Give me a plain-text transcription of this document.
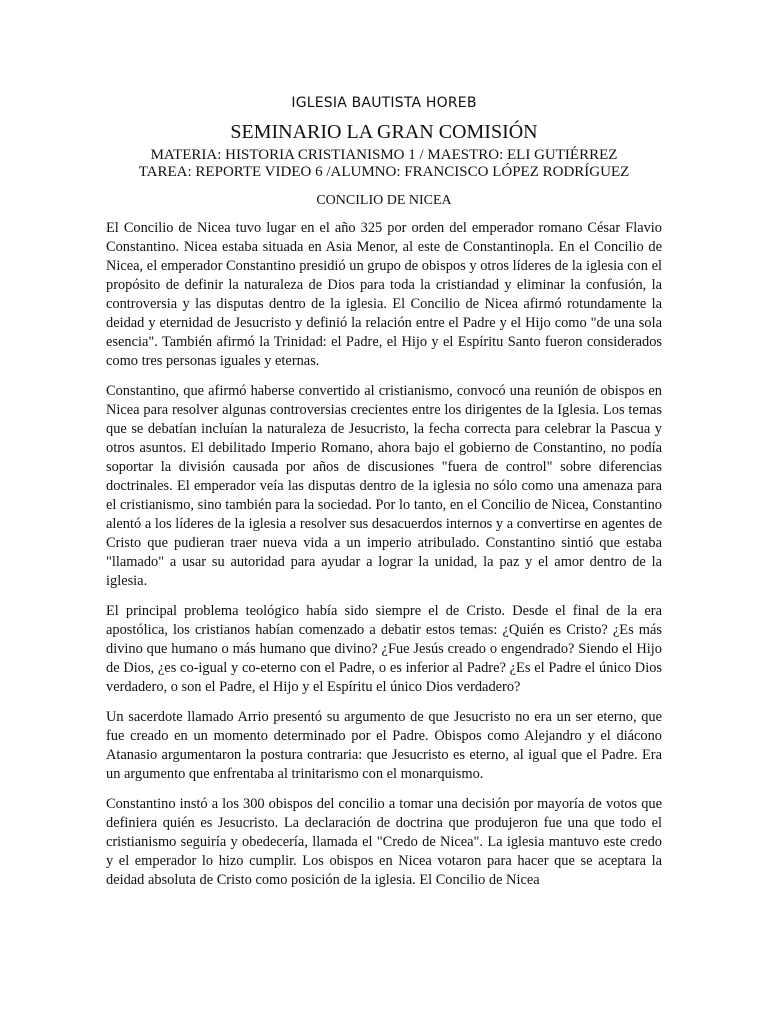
IGLESIA BAUTISTA HOREB
SEMINARIO LA GRAN COMISIÓN
MATERIA: HISTORIA CRISTIANISMO 1 / MAESTRO: ELI GUTIÉRREZ
TAREA: REPORTE VIDEO 6 /ALUMNO: FRANCISCO LÓPEZ RODRÍGUEZ
CONCILIO DE NICEA

El Concilio de Nicea tuvo lugar en el año 325 por orden del emperador romano César Flavio Constantino. Nicea estaba situada en Asia Menor, al este de Constantinopla. En el Concilio de Nicea, el emperador Constantino presidió un grupo de obispos y otros líderes de la iglesia con el propósito de definir la naturaleza de Dios para toda la cristiandad y eliminar la confusión, la controversia y las disputas dentro de la iglesia. El Concilio de Nicea afirmó rotundamente la deidad y eternidad de Jesucristo y definió la relación entre el Padre y el Hijo como "de una sola esencia". También afirmó la Trinidad: el Padre, el Hijo y el Espíritu Santo fueron considerados como tres personas iguales y eternas.

Constantino, que afirmó haberse convertido al cristianismo, convocó una reunión de obispos en Nicea para resolver algunas controversias crecientes entre los dirigentes de la Iglesia. Los temas que se debatían incluían la naturaleza de Jesucristo, la fecha correcta para celebrar la Pascua y otros asuntos. El debilitado Imperio Romano, ahora bajo el gobierno de Constantino, no podía soportar la división causada por años de discusiones "fuera de control" sobre diferencias doctrinales. El emperador veía las disputas dentro de la iglesia no sólo como una amenaza para el cristianismo, sino también para la sociedad. Por lo tanto, en el Concilio de Nicea, Constantino alentó a los líderes de la iglesia a resolver sus desacuerdos internos y a convertirse en agentes de Cristo que pudieran traer nueva vida a un imperio atribulado. Constantino sintió que estaba "llamado" a usar su autoridad para ayudar a lograr la unidad, la paz y el amor dentro de la iglesia.

El principal problema teológico había sido siempre el de Cristo. Desde el final de la era apostólica, los cristianos habían comenzado a debatir estos temas: ¿Quién es Cristo? ¿Es más divino que humano o más humano que divino? ¿Fue Jesús creado o engendrado? Siendo el Hijo de Dios, ¿es co-igual y co-eterno con el Padre, o es inferior al Padre? ¿Es el Padre el único Dios verdadero, o son el Padre, el Hijo y el Espíritu el único Dios verdadero?

Un sacerdote llamado Arrio presentó su argumento de que Jesucristo no era un ser eterno, que fue creado en un momento determinado por el Padre. Obispos como Alejandro y el diácono Atanasio argumentaron la postura contraria: que Jesucristo es eterno, al igual que el Padre. Era un argumento que enfrentaba al trinitarismo con el monarquismo.

Constantino instó a los 300 obispos del concilio a tomar una decisión por mayoría de votos que definiera quién es Jesucristo. La declaración de doctrina que produjeron fue una que todo el cristianismo seguiría y obedecería, llamada el "Credo de Nicea". La iglesia mantuvo este credo y el emperador lo hizo cumplir. Los obispos en Nicea votaron para hacer que se aceptara la deidad absoluta de Cristo como posición de la iglesia. El Concilio de Nicea
